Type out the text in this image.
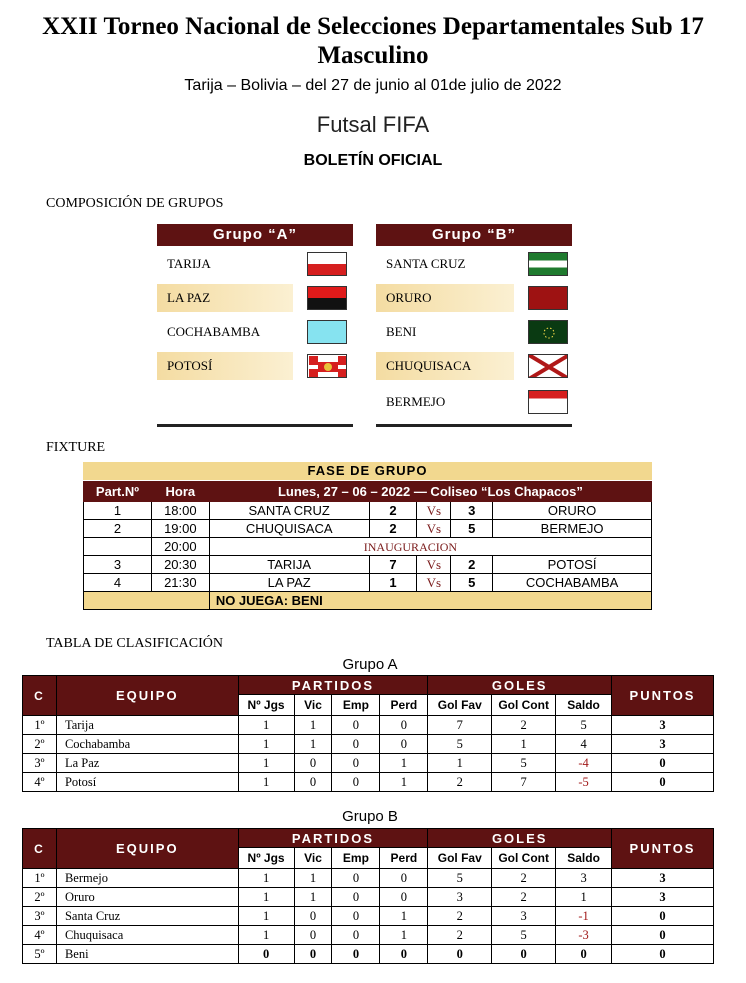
XXII Torneo Nacional de Selecciones Departamentales Sub 17
Masculino
Tarija – Bolivia – del 27 de junio al 01de julio de 2022
Futsal FIFA
BOLETÍN OFICIAL
COMPOSICIÓN DE GRUPOS
Grupo “A”
TARIJA
LA PAZ
COCHABAMBA
POTOSÍ
Grupo “B”
SANTA CRUZ
ORURO
BENI
CHUQUISACA
BERMEJO
FIXTURE
FASE DE GRUPO
Part.Nº	Hora	Lunes, 27 – 06 – 2022 — Coliseo “Los Chapacos”				
1	18:00	SANTA CRUZ	2	Vs	3	ORURO
2	19:00	CHUQUISACA	2	Vs	5	BERMEJO
	20:00	INAUGURACION				
3	20:30	TARIJA	7	Vs	2	POTOSÍ
4	21:30	LA PAZ	1	Vs	5	COCHABAMBA
		NO JUEGA: BENI				
TABLA DE CLASIFICACIÓN
Grupo A
C	EQUIPO	PARTIDOS				GOLES			PUNTOS
		Nº Jgs	Vic	Emp	Perd	Gol Fav	Gol Cont	Saldo	
1º	Tarija	1	1	0	0	7	2	5	3
2º	Cochabamba	1	1	0	0	5	1	4	3
3º	La Paz	1	0	0	1	1	5	-4	0
4º	Potosí	1	0	0	1	2	7	-5	0
Grupo B
C	EQUIPO	PARTIDOS				GOLES			PUNTOS
		Nº Jgs	Vic	Emp	Perd	Gol Fav	Gol Cont	Saldo	
1º	Bermejo	1	1	0	0	5	2	3	3
2º	Oruro	1	1	0	0	3	2	1	3
3º	Santa Cruz	1	0	0	1	2	3	-1	0
4º	Chuquisaca	1	0	0	1	2	5	-3	0
5º	Beni	0	0	0	0	0	0	0	0
